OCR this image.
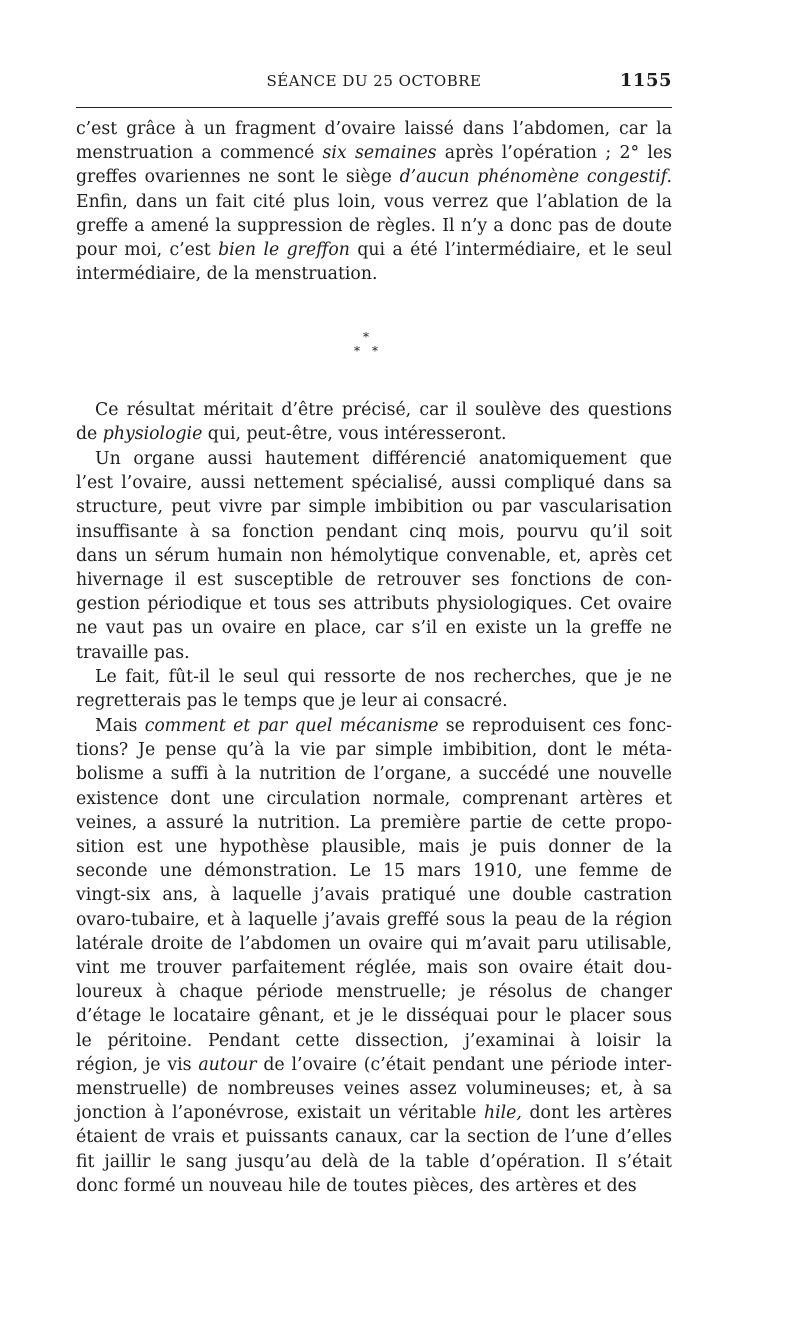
SÉANCE DU 25 OCTOBRE	1155
c’est grâce à un fragment d’ovaire laissé dans l’abdomen, car la
menstruation a commencé six semaines après l’opération ; 2° les
greffes ovariennes ne sont le siège d’aucun phénomène congestif.
Enfin, dans un fait cité plus loin, vous verrez que l’ablation de la
greffe a amené la suppression de règles. Il n’y a donc pas de doute
pour moi, c’est bien le greffon qui a été l’intermédiaire, et le seul
intermédiaire, de la menstruation.
*
* *
Ce résultat méritait d’être précisé, car il soulève des questions
de physiologie qui, peut-être, vous intéresseront.
Un organe aussi hautement différencié anatomiquement que
l’est l’ovaire, aussi nettement spécialisé, aussi compliqué dans sa
structure, peut vivre par simple imbibition ou par vascularisation
insuffisante à sa fonction pendant cinq mois, pourvu qu’il soit
dans un sérum humain non hémolytique convenable, et, après cet
hivernage il est susceptible de retrouver ses fonctions de con-
gestion périodique et tous ses attributs physiologiques. Cet ovaire
ne vaut pas un ovaire en place, car s’il en existe un la greffe ne
travaille pas.
Le fait, fût-il le seul qui ressorte de nos recherches, que je ne
regretterais pas le temps que je leur ai consacré.
Mais comment et par quel mécanisme se reproduisent ces fonc-
tions? Je pense qu’à la vie par simple imbibition, dont le méta-
bolisme a suffi à la nutrition de l’organe, a succédé une nouvelle
existence dont une circulation normale, comprenant artères et
veines, a assuré la nutrition. La première partie de cette propo-
sition est une hypothèse plausible, mais je puis donner de la
seconde une démonstration. Le 15 mars 1910, une femme de
vingt-six ans, à laquelle j’avais pratiqué une double castration
ovaro-tubaire, et à laquelle j’avais greffé sous la peau de la région
latérale droite de l’abdomen un ovaire qui m’avait paru utilisable,
vint me trouver parfaitement réglée, mais son ovaire était dou-
loureux à chaque période menstruelle; je résolus de changer
d’étage le locataire gênant, et je le disséquai pour le placer sous
le péritoine. Pendant cette dissection, j’examinai à loisir la
région, je vis autour de l’ovaire (c’était pendant une période inter-
menstruelle) de nombreuses veines assez volumineuses; et, à sa
jonction à l’aponévrose, existait un véritable hile, dont les artères
étaient de vrais et puissants canaux, car la section de l’une d’elles
fit jaillir le sang jusqu’au delà de la table d’opération. Il s’était
donc formé un nouveau hile de toutes pièces, des artères et des
